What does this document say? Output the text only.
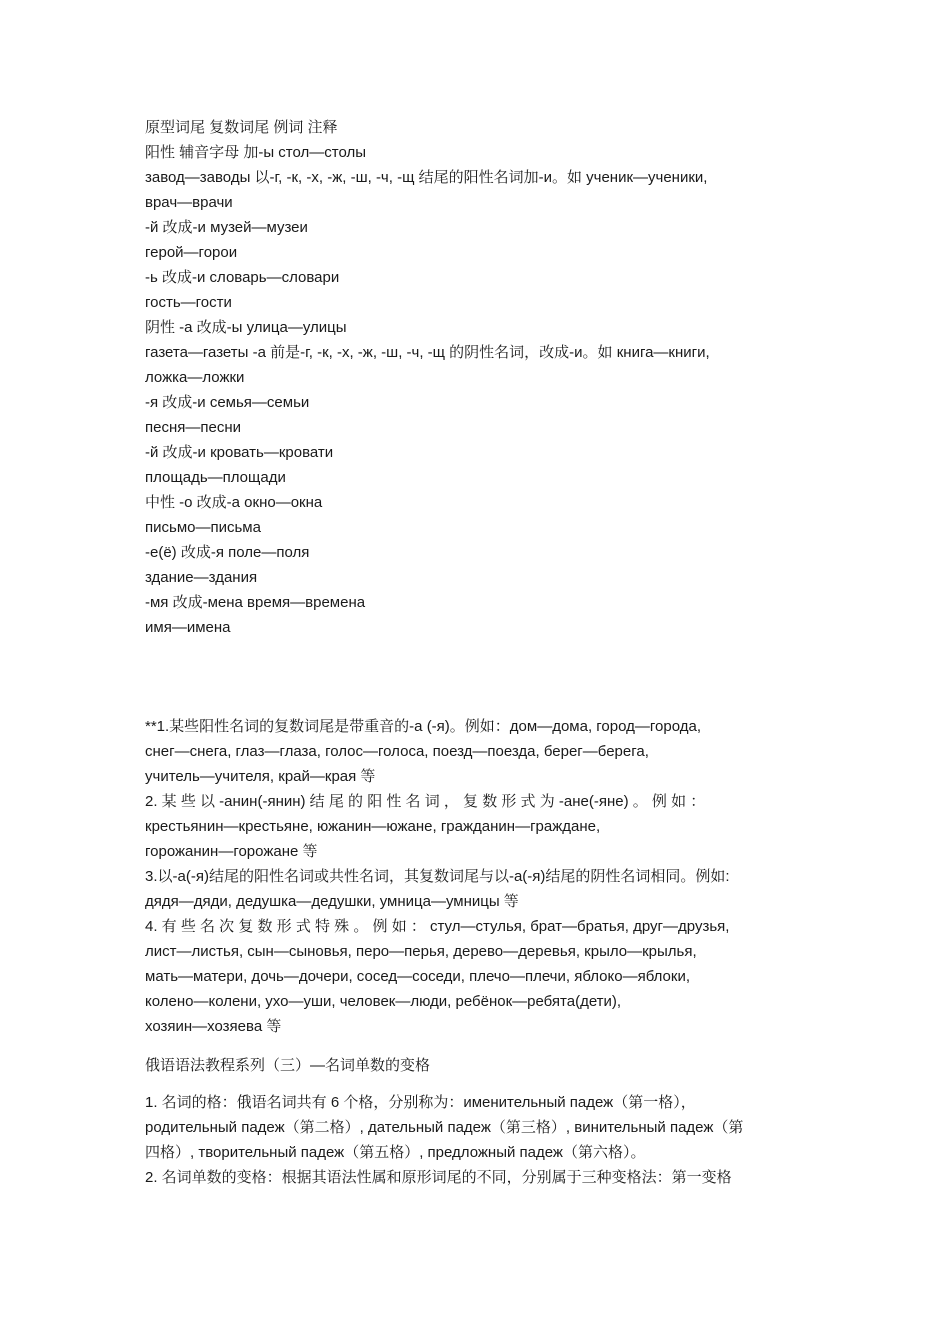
原型词尾 复数词尾 例词 注释
阳性 辅音字母 加-ы стол—столы
завод—заводы 以-г, -к, -х, -ж, -ш, -ч, -щ 结尾的阳性名词加-и。如 ученик—ученики,
врач—врачи
-й 改成-и музей—музеи
герой—горои
-ь 改成-и словарь—словари
гость—гости
阴性 -а 改成-ы улица—улицы
газета—газеты -а 前是-г, -к, -х, -ж, -ш, -ч, -щ 的阴性名词，改成-и。如 книга—книги,
ложка—ложки
-я 改成-и семья—семьи
песня—песни
-й 改成-и кровать—кровати
площадь—площади
中性 -о 改成-а окно—окна
письмо—письма
-е(ё) 改成-я поле—поля
здание—здания
-мя 改成-мена время—времена
имя—имена
**1.某些阳性名词的复数词尾是带重音的-а (-я)。例如：дом—дома, город—города,
снег—снега, глаз—глаза, голос—голоса, поезд—поезда, берег—берега,
учитель—учителя, край—края 等
2. 某 些 以 -анин(-янин) 结 尾 的 阳 性 名 词 ， 复 数 形 式 为 -ане(-яне) 。 例 如 ：
крестьянин—крестьяне, южанин—южане, гражданин—граждане,
горожанин—горожане 等
3.以-а(-я)结尾的阳性名词或共性名词，其复数词尾与以-а(-я)结尾的阴性名词相同。例如:
дядя—дяди, дедушка—дедушки, умница—умницы 等
4. 有 些 名 次 复 数 形 式 特 殊 。 例 如 ： стул—стулья, брат—братья, друг—друзья,
лист—листья, сын—сыновья, перо—перья, дерево—деревья, крыло—крылья,
мать—матери, дочь—дочери, сосед—соседи, плечо—плечи, яблоко—яблоки,
колено—колени, ухо—уши, человек—люди, ребёнок—ребята(дети),
хозяин—хозяева 等
俄语语法教程系列（三）—名词单数的变格
1. 名词的格：俄语名词共有 6 个格，分别称为：именительный падеж（第一格），
родительный падеж（第二格）, дательный падеж（第三格）, винительный падеж（第
四格）, творительный падеж（第五格）, предложный падеж（第六格）。
2. 名词单数的变格：根据其语法性属和原形词尾的不同，分别属于三种变格法：第一变格
